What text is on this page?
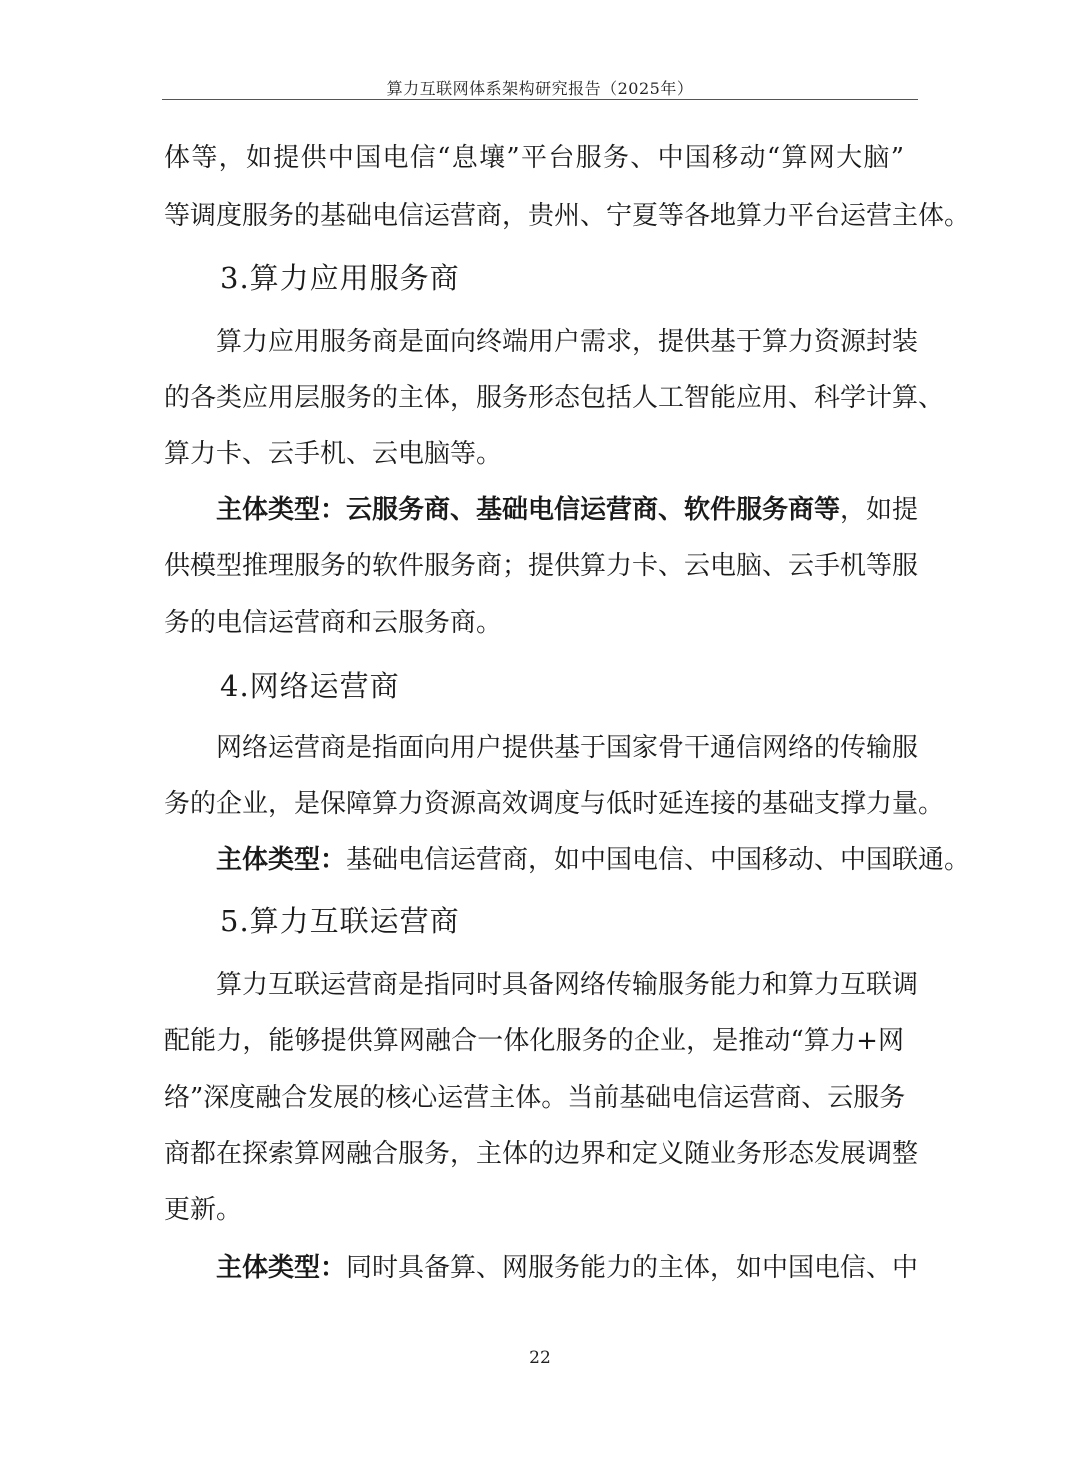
算力互联网体系架构研究报告（2025年）
体等，如提供中国电信“息壤”平台服务、中国移动“算网大脑”
等调度服务的基础电信运营商，贵州、宁夏等各地算力平台运营主体。
3.算力应用服务商
算力应用服务商是面向终端用户需求，提供基于算力资源封装
的各类应用层服务的主体，服务形态包括人工智能应用、科学计算、
算力卡、云手机、云电脑等。
主体类型：云服务商、基础电信运营商、软件服务商等，如提
供模型推理服务的软件服务商；提供算力卡、云电脑、云手机等服
务的电信运营商和云服务商。
4.网络运营商
网络运营商是指面向用户提供基于国家骨干通信网络的传输服
务的企业，是保障算力资源高效调度与低时延连接的基础支撑力量。
主体类型：基础电信运营商，如中国电信、中国移动、中国联通。
5.算力互联运营商
算力互联运营商是指同时具备网络传输服务能力和算力互联调
配能力，能够提供算网融合一体化服务的企业，是推动“算力+网
络”深度融合发展的核心运营主体。当前基础电信运营商、云服务
商都在探索算网融合服务，主体的边界和定义随业务形态发展调整
更新。
主体类型：同时具备算、网服务能力的主体，如中国电信、中
22
